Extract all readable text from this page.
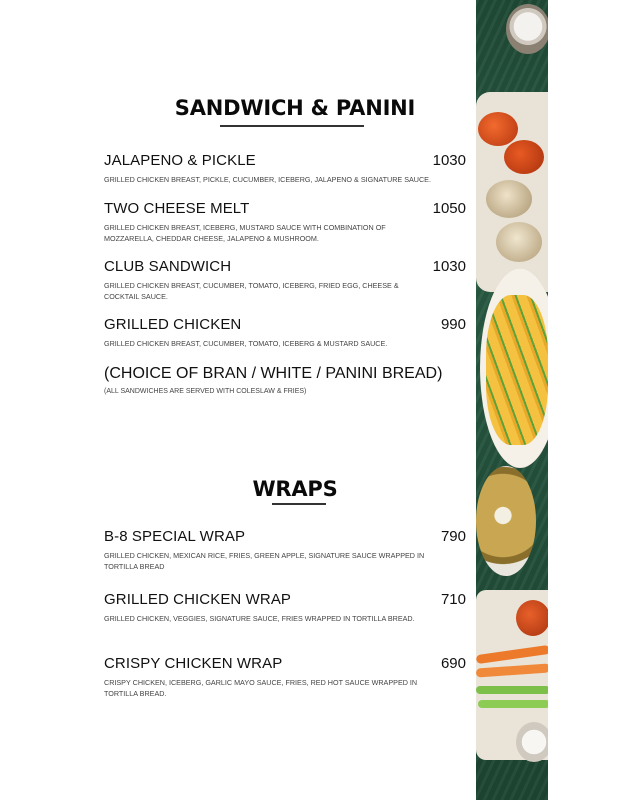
SANDWICH & PANINI
JALAPENO & PICKLE	1030
GRILLED CHICKEN BREAST, PICKLE, CUCUMBER, ICEBERG, JALAPENO & SIGNATURE SAUCE.
TWO CHEESE MELT	1050
GRILLED CHICKEN BREAST, ICEBERG, MUSTARD SAUCE WITH COMBINATION OF MOZZARELLA, CHEDDAR CHEESE, JALAPENO & MUSHROOM.
CLUB SANDWICH	1030
GRILLED CHICKEN BREAST, CUCUMBER, TOMATO, ICEBERG, FRIED EGG, CHEESE & COCKTAIL SAUCE.
GRILLED CHICKEN	990
GRILLED CHICKEN BREAST, CUCUMBER, TOMATO, ICEBERG & MUSTARD SAUCE.
(CHOICE OF BRAN / WHITE / PANINI BREAD)
(ALL SANDWICHES ARE SERVED WITH COLESLAW & FRIES)
WRAPS
B-8 SPECIAL WRAP	790
GRILLED CHICKEN, MEXICAN RICE, FRIES, GREEN APPLE, SIGNATURE SAUCE WRAPPED IN TORTILLA BREAD
GRILLED CHICKEN WRAP	710
GRILLED CHICKEN, VEGGIES, SIGNATURE SAUCE, FRIES WRAPPED IN TORTILLA BREAD.
CRISPY CHICKEN WRAP	690
CRISPY CHICKEN, ICEBERG, GARLIC MAYO SAUCE, FRIES, RED HOT SAUCE WRAPPED IN TORTILLA BREAD.
